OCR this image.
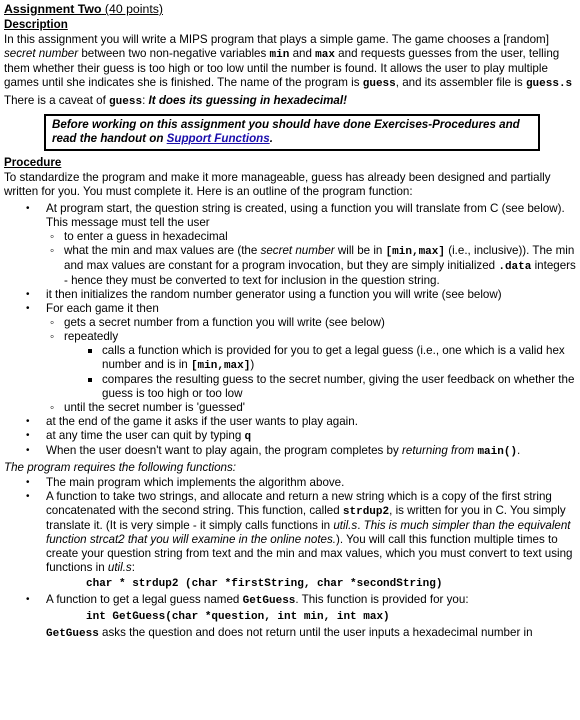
Assignment Two (40 points)
Description

In this assignment you will write a MIPS program that plays a simple game. The game chooses a [random] secret number between two non-negative variables min and max and requests guesses from the user, telling them whether their guess is too high or too low until the number is found. It allows the user to play multiple games until she indicates she is finished. The name of the program is guess, and its assembler file is guess.s

There is a caveat of guess: It does its guessing in hexadecimal!

Before working on this assignment you should have done Exercises-Procedures and read the handout on Support Functions.
Procedure

To standardize the program and make it more manageable, guess has already been designed and partially written for you. You must complete it. Here is an outline of the program function:

• At program start, the question string is created, using a function you will translate from C (see below). This message must tell the user
◦ to enter a guess in hexadecimal
◦ what the min and max values are (the secret number will be in [min,max] (i.e., inclusive)). The min and max values are constant for a program invocation, but they are simply initialized .data integers - hence they must be converted to text for inclusion in the question string.
• it then initializes the random number generator using a function you will write (see below)
• For each game it then
◦ gets a secret number from a function you will write (see below)
◦ repeatedly
calls a function which is provided for you to get a legal guess (i.e., one which is a valid hex number and is in [min,max])
compares the resulting guess to the secret number, giving the user feedback on whether the guess is too high or too low
◦ until the secret number is 'guessed'
• at the end of the game it asks if the user wants to play again.
• at any time the user can quit by typing q
• When the user doesn't want to play again, the program completes by returning from main().
The program requires the following functions:
• The main program which implements the algorithm above.
• A function to take two strings, and allocate and return a new string which is a copy of the first string concatenated with the second string. This function, called strdup2, is written for you in C. You simply translate it. (It is very simple - it simply calls functions in util.s. This is much simpler than the equivalent function strcat2 that you will examine in the online notes.). You will call this function multiple times to create your question string from text and the min and max values, which you must convert to text using functions in util.s:
char * strdup2 (char *firstString, char *secondString)
• A function to get a legal guess named GetGuess. This function is provided for you:
int GetGuess(char *question, int min, int max)
GetGuess asks the question and does not return until the user inputs a hexadecimal number in
